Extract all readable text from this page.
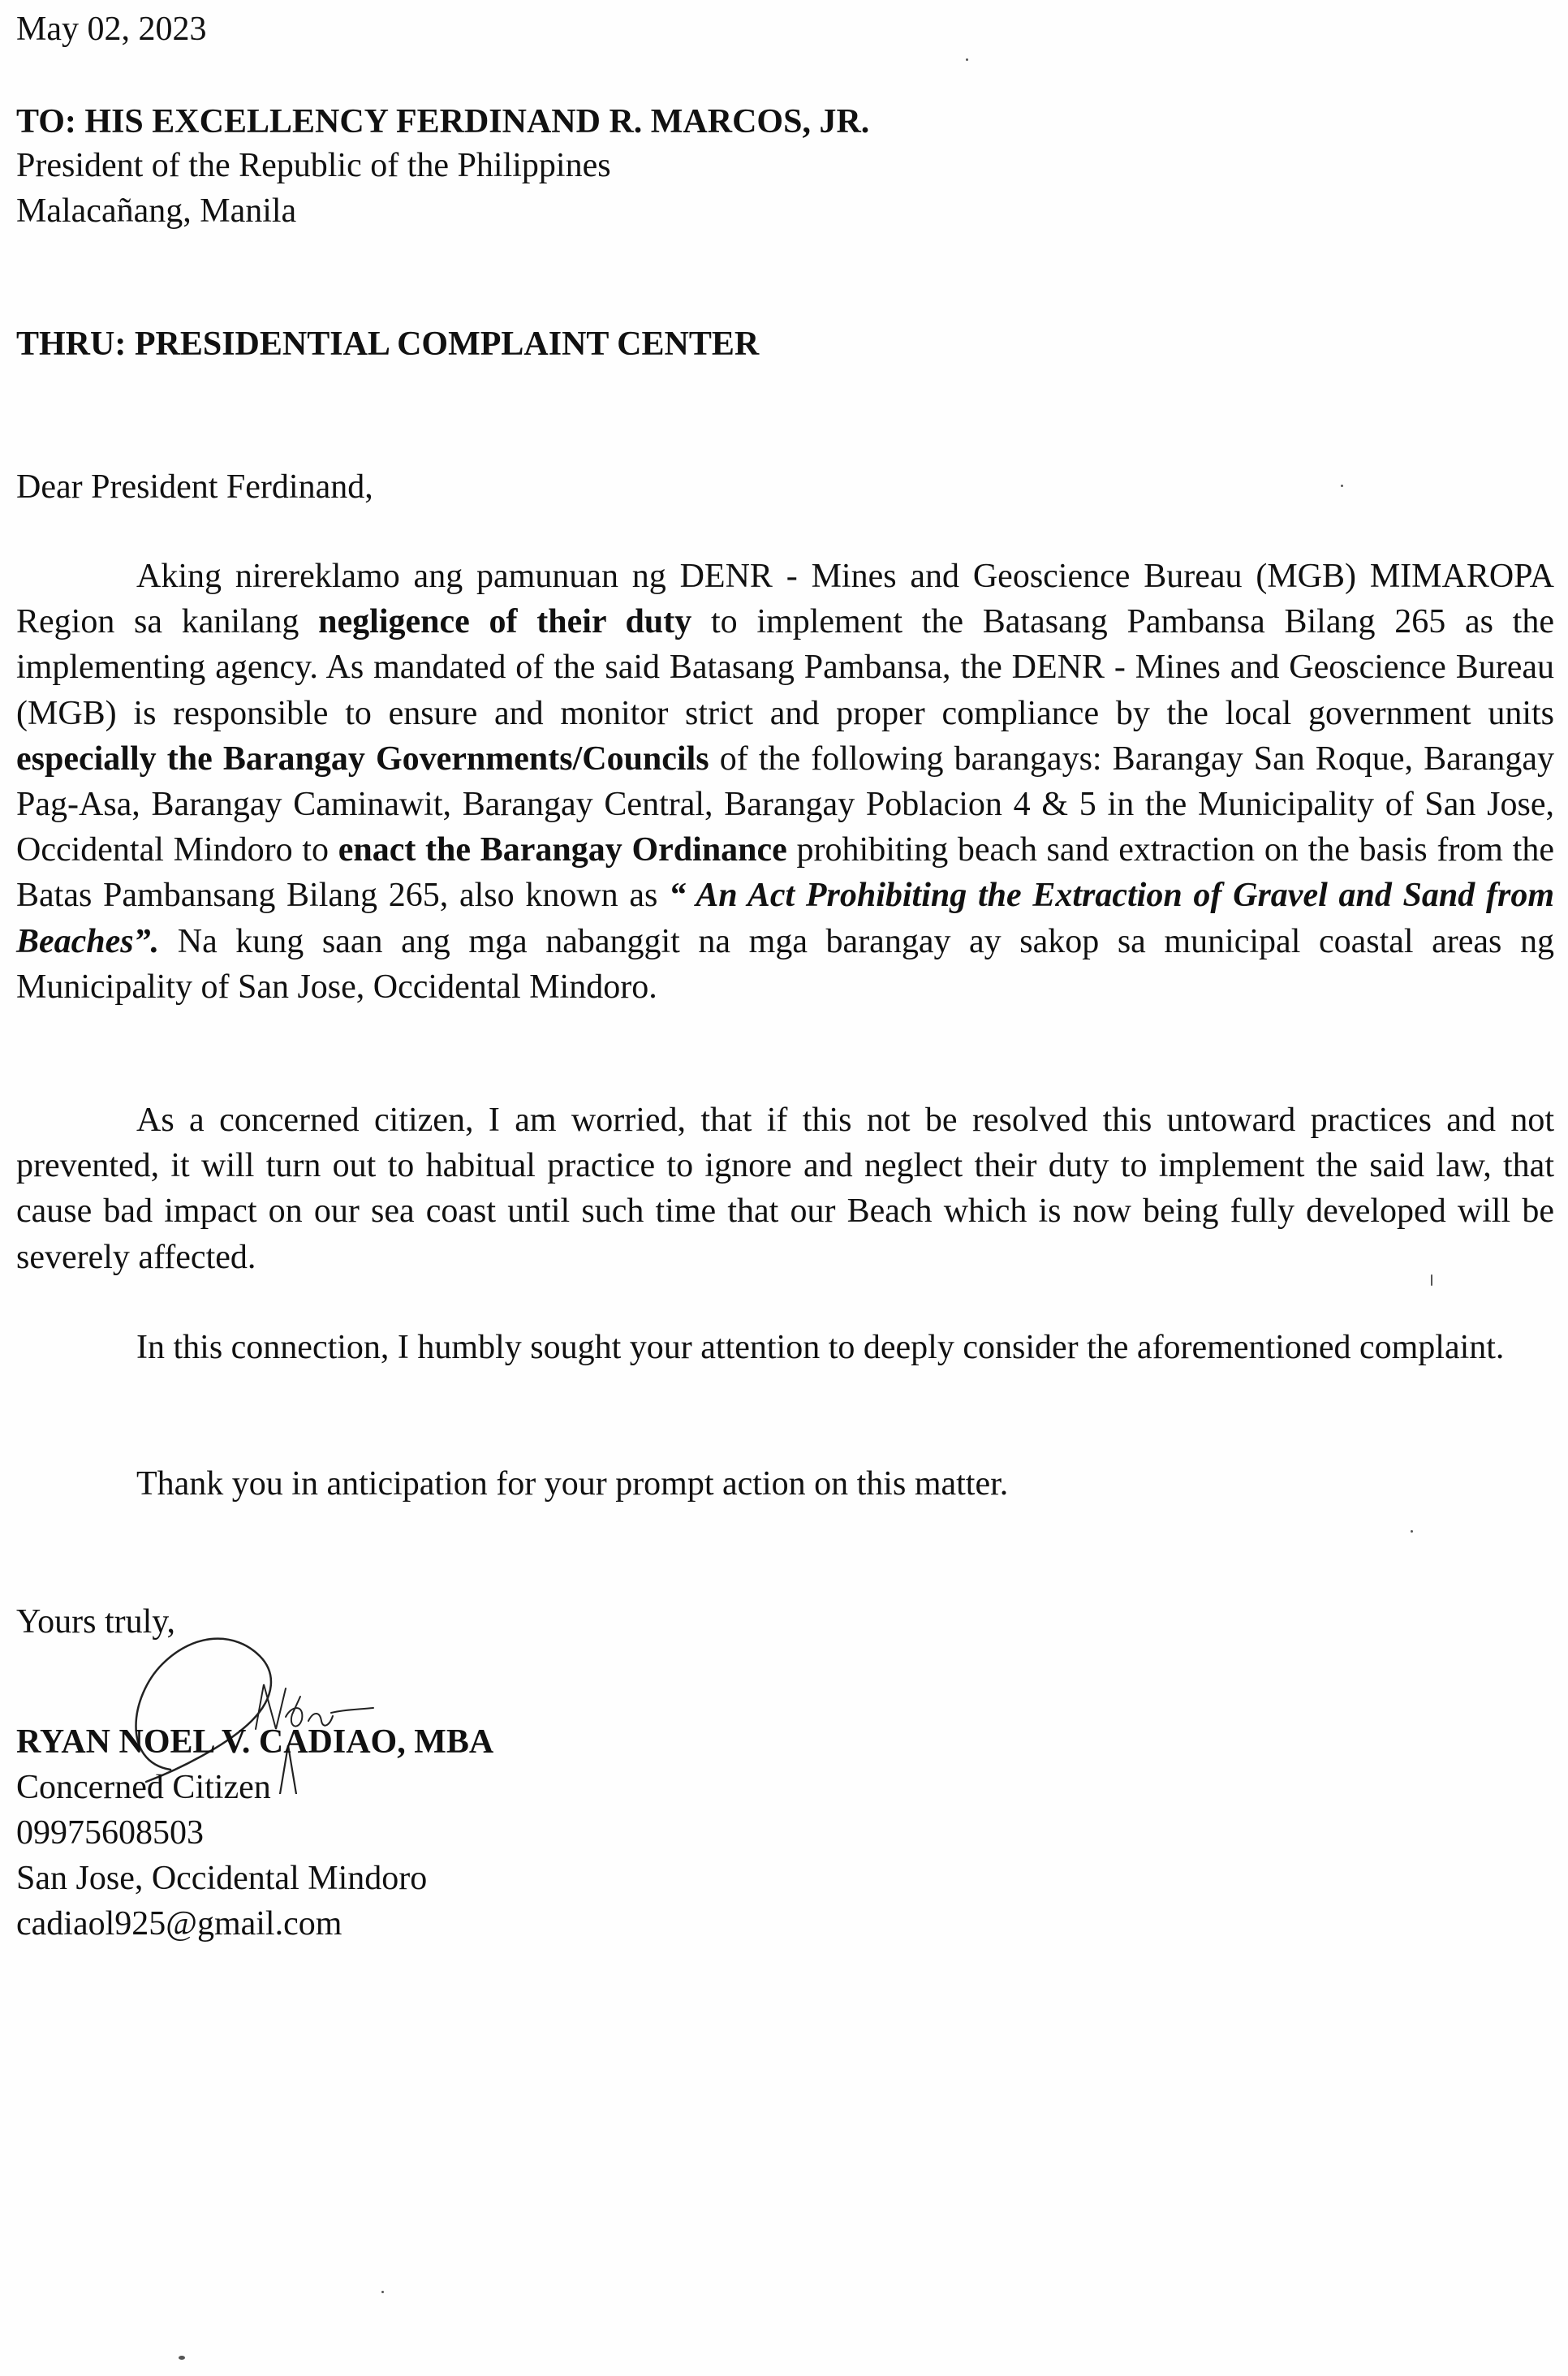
May 02, 2023
TO: HIS EXCELLENCY FERDINAND R. MARCOS, JR.
President of the Republic of the Philippines
Malacañang, Manila
THRU: PRESIDENTIAL COMPLAINT CENTER
Dear President Ferdinand,
Aking nirereklamo ang pamunuan ng DENR - Mines and Geoscience Bureau (MGB) MIMAROPA Region sa kanilang negligence of their duty to implement the Batasang Pambansa Bilang 265 as the implementing agency. As mandated of the said Batasang Pambansa, the DENR - Mines and Geoscience Bureau (MGB) is responsible to ensure and monitor strict and proper compliance by the local government units especially the Barangay Governments/Councils of the following barangays: Barangay San Roque, Barangay Pag-Asa, Barangay Caminawit, Barangay Central, Barangay Poblacion 4 & 5 in the Municipality of San Jose, Occidental Mindoro to enact the Barangay Ordinance prohibiting beach sand extraction on the basis from the Batas Pambansang Bilang 265, also known as “ An Act Prohibiting the Extraction of Gravel and Sand from Beaches”. Na kung saan ang mga nabanggit na mga barangay ay sakop sa municipal coastal areas ng Municipality of San Jose, Occidental Mindoro.
As a concerned citizen, I am worried, that if this not be resolved this untoward practices and not prevented, it will turn out to habitual practice to ignore and neglect their duty to implement the said law, that cause bad impact on our sea coast until such time that our Beach which is now being fully developed will be severely affected.
In this connection, I humbly sought your attention to deeply consider the aforementioned complaint.
Thank you in anticipation for your prompt action on this matter.
Yours truly,
RYAN NOEL V. CADIAO, MBA
Concerned Citizen
09975608503
San Jose, Occidental Mindoro
cadiaol925@gmail.com
